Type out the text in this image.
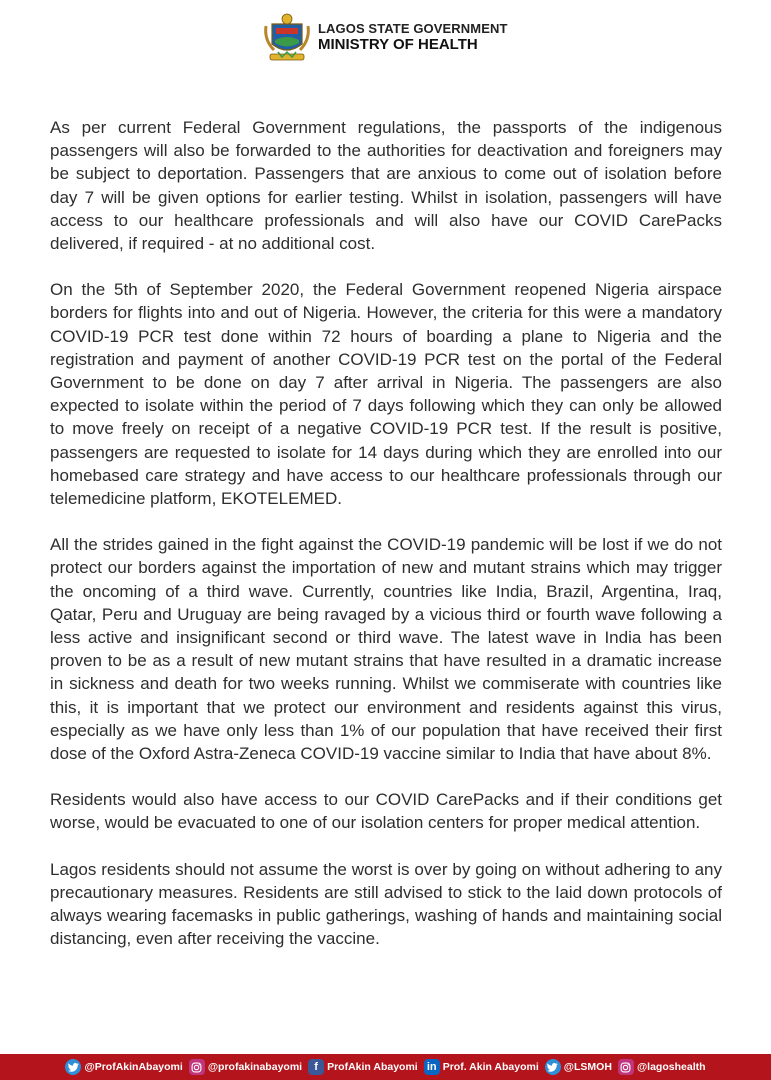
LAGOS STATE GOVERNMENT
MINISTRY OF HEALTH

As per current Federal Government regulations, the passports of the indigenous passengers will also be forwarded to the authorities for deactivation and foreigners may be subject to deportation. Passengers that are anxious to come out of isolation before day 7 will be given options for earlier testing. Whilst in isolation, passengers will have access to our healthcare professionals and will also have our COVID CarePacks delivered, if required - at no additional cost.

On the 5th of September 2020, the Federal Government reopened Nigeria airspace borders for flights into and out of Nigeria. However, the criteria for this were a mandatory COVID-19 PCR test done within 72 hours of boarding a plane to Nigeria and the registration and payment of another COVID-19 PCR test on the portal of the Federal Government to be done on day 7 after arrival in Nigeria. The passengers are also expected to isolate within the period of 7 days following which they can only be allowed to move freely on receipt of a negative COVID-19 PCR test. If the result is positive, passengers are requested to isolate for 14 days during which they are enrolled into our homebased care strategy and have access to our healthcare professionals through our telemedicine platform, EKOTELEMED.

All the strides gained in the fight against the COVID-19 pandemic will be lost if we do not protect our borders against the importation of new and mutant strains which may trigger the oncoming of a third wave. Currently, countries like India, Brazil, Argentina, Iraq, Qatar, Peru and Uruguay are being ravaged by a vicious third or fourth wave following a less active and insignificant second or third wave. The latest wave in India has been proven to be as a result of new mutant strains that have resulted in a dramatic increase in sickness and death for two weeks running. Whilst we commiserate with countries like this, it is important that we protect our environment and residents against this virus, especially as we have only less than 1% of our population that have received their first dose of the Oxford Astra-Zeneca COVID-19 vaccine similar to India that have about 8%.

Residents would also have access to our COVID CarePacks and if their conditions get worse, would be evacuated to one of our isolation centers for proper medical attention.

Lagos residents should not assume the worst is over by going on without adhering to any precautionary measures. Residents are still advised to stick to the laid down protocols of always wearing facemasks in public gatherings, washing of hands and maintaining social distancing, even after receiving the vaccine.

@ProfAkinAbayomi @profakinabayomi	f ProfAkin Abayomi in Prof. Akin Abayomi @LSMOH @lagoshealth
